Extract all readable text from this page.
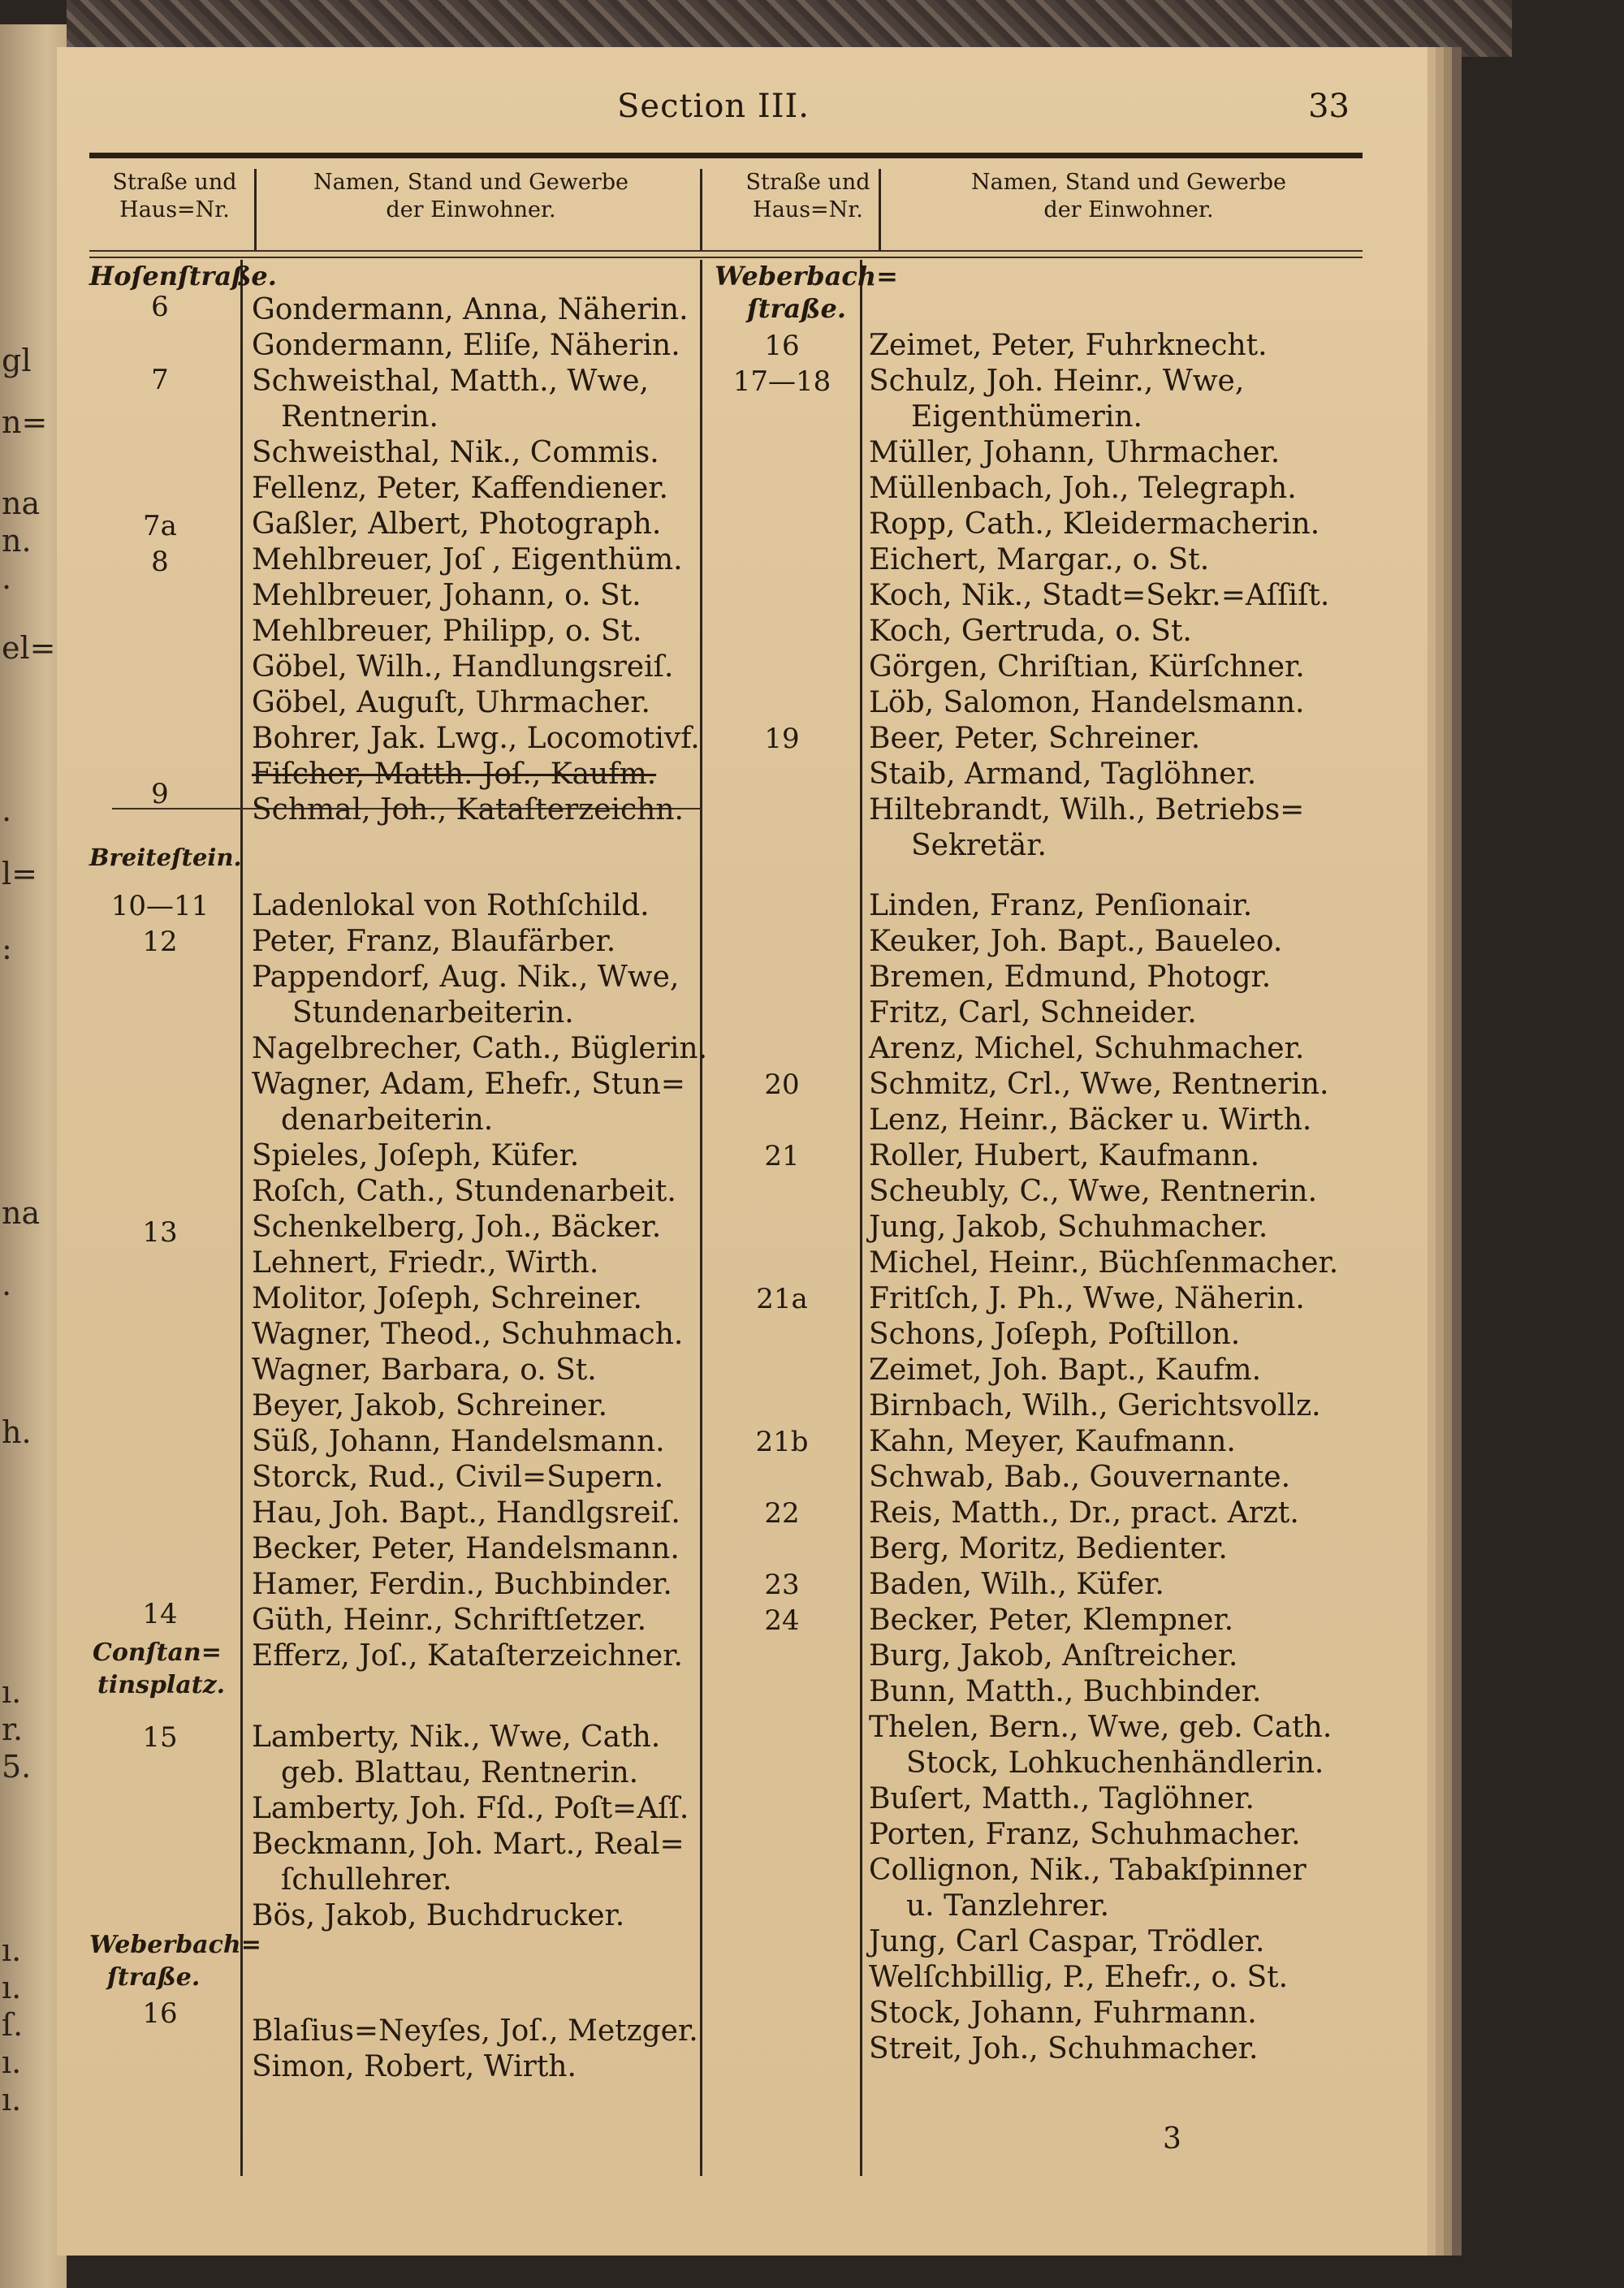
gl
n=
na
n.
.
el=
.
l=
:
na
.
h.
ı.
r.
5.
ı.
ı.
ſ.
ı.
ı.
Section III.	33
Straße und
Haus=Nr.
Namen, Stand und Gewerbe
der Einwohner.
Straße und
Haus=Nr.
Namen, Stand und Gewerbe
der Einwohner.
Hoſenſtraße.
Breiteſtein.
Conſtan=
tinsplatz.
Weberbach=
ſtraße.
6
7
7a
8
9
10—11
12
13
14
15
16
Gondermann, Anna, Näherin.
Gondermann, Eliſe, Näherin.
Schweisthal, Matth., Wwe,
Rentnerin.
Schweisthal, Nik., Commis.
Fellenz, Peter, Kaffendiener.
Gaßler, Albert, Photograph.
Mehlbreuer, Joſ , Eigenthüm.
Mehlbreuer, Johann, o. St.
Mehlbreuer, Philipp, o. St.
Göbel, Wilh., Handlungsreiſ.
Göbel, Auguſt, Uhrmacher.
Bohrer, Jak. Lwg., Locomotivf.
Fiſcher, Matth. Joſ., Kaufm.
Schmal, Joh., Kataſterzeichn.
Ladenlokal von Rothſchild.
Peter, Franz, Blaufärber.
Pappendorf, Aug. Nik., Wwe,
Stundenarbeiterin.
Nagelbrecher, Cath., Büglerin.
Wagner, Adam, Ehefr., Stun=
denarbeiterin.
Spieles, Joſeph, Küfer.
Roſch, Cath., Stundenarbeit.
Schenkelberg, Joh., Bäcker.
Lehnert, Friedr., Wirth.
Molitor, Joſeph, Schreiner.
Wagner, Theod., Schuhmach.
Wagner, Barbara, o. St.
Beyer, Jakob, Schreiner.
Süß, Johann, Handelsmann.
Storck, Rud., Civil=Supern.
Hau, Joh. Bapt., Handlgsreiſ.
Becker, Peter, Handelsmann.
Hamer, Ferdin., Buchbinder.
Güth, Heinr., Schriftſetzer.
Efferz, Joſ., Kataſterzeichner.
Lamberty, Nik., Wwe, Cath.
geb. Blattau, Rentnerin.
Lamberty, Joh. Fſd., Poſt=Aſſ.
Beckmann, Joh. Mart., Real=
ſchullehrer.
Bös, Jakob, Buchdrucker.
Blaſius=Neyſes, Joſ., Metzger.
Simon, Robert, Wirth.
Weberbach=
ſtraße.
16
17—18
19
20
21
21a
21b
22
23
24
Zeimet, Peter, Fuhrknecht.
Schulz, Joh. Heinr., Wwe,
Eigenthümerin.
Müller, Johann, Uhrmacher.
Müllenbach, Joh., Telegraph.
Ropp, Cath., Kleidermacherin.
Eichert, Margar., o. St.
Koch, Nik., Stadt=Sekr.=Aſſiſt.
Koch, Gertruda, o. St.
Görgen, Chriſtian, Kürſchner.
Löb, Salomon, Handelsmann.
Beer, Peter, Schreiner.
Staib, Armand, Taglöhner.
Hiltebrandt, Wilh., Betriebs=
Sekretär.
Linden, Franz, Penſionair.
Keuker, Joh. Bapt., Baueleo.
Bremen, Edmund, Photogr.
Fritz, Carl, Schneider.
Arenz, Michel, Schuhmacher.
Schmitz, Crl., Wwe, Rentnerin.
Lenz, Heinr., Bäcker u. Wirth.
Roller, Hubert, Kaufmann.
Scheubly, C., Wwe, Rentnerin.
Jung, Jakob, Schuhmacher.
Michel, Heinr., Büchſenmacher.
Fritſch, J. Ph., Wwe, Näherin.
Schons, Joſeph, Poſtillon.
Zeimet, Joh. Bapt., Kaufm.
Birnbach, Wilh., Gerichtsvollz.
Kahn, Meyer, Kaufmann.
Schwab, Bab., Gouvernante.
Reis, Matth., Dr., pract. Arzt.
Berg, Moritz, Bedienter.
Baden, Wilh., Küfer.
Becker, Peter, Klempner.
Burg, Jakob, Anſtreicher.
Bunn, Matth., Buchbinder.
Thelen, Bern., Wwe, geb. Cath.
Stock, Lohkuchenhändlerin.
Buſert, Matth., Taglöhner.
Porten, Franz, Schuhmacher.
Collignon, Nik., Tabakſpinner
u. Tanzlehrer.
Jung, Carl Caspar, Trödler.
Welſchbillig, P., Ehefr., o. St.
Stock, Johann, Fuhrmann.
Streit, Joh., Schuhmacher.
3
